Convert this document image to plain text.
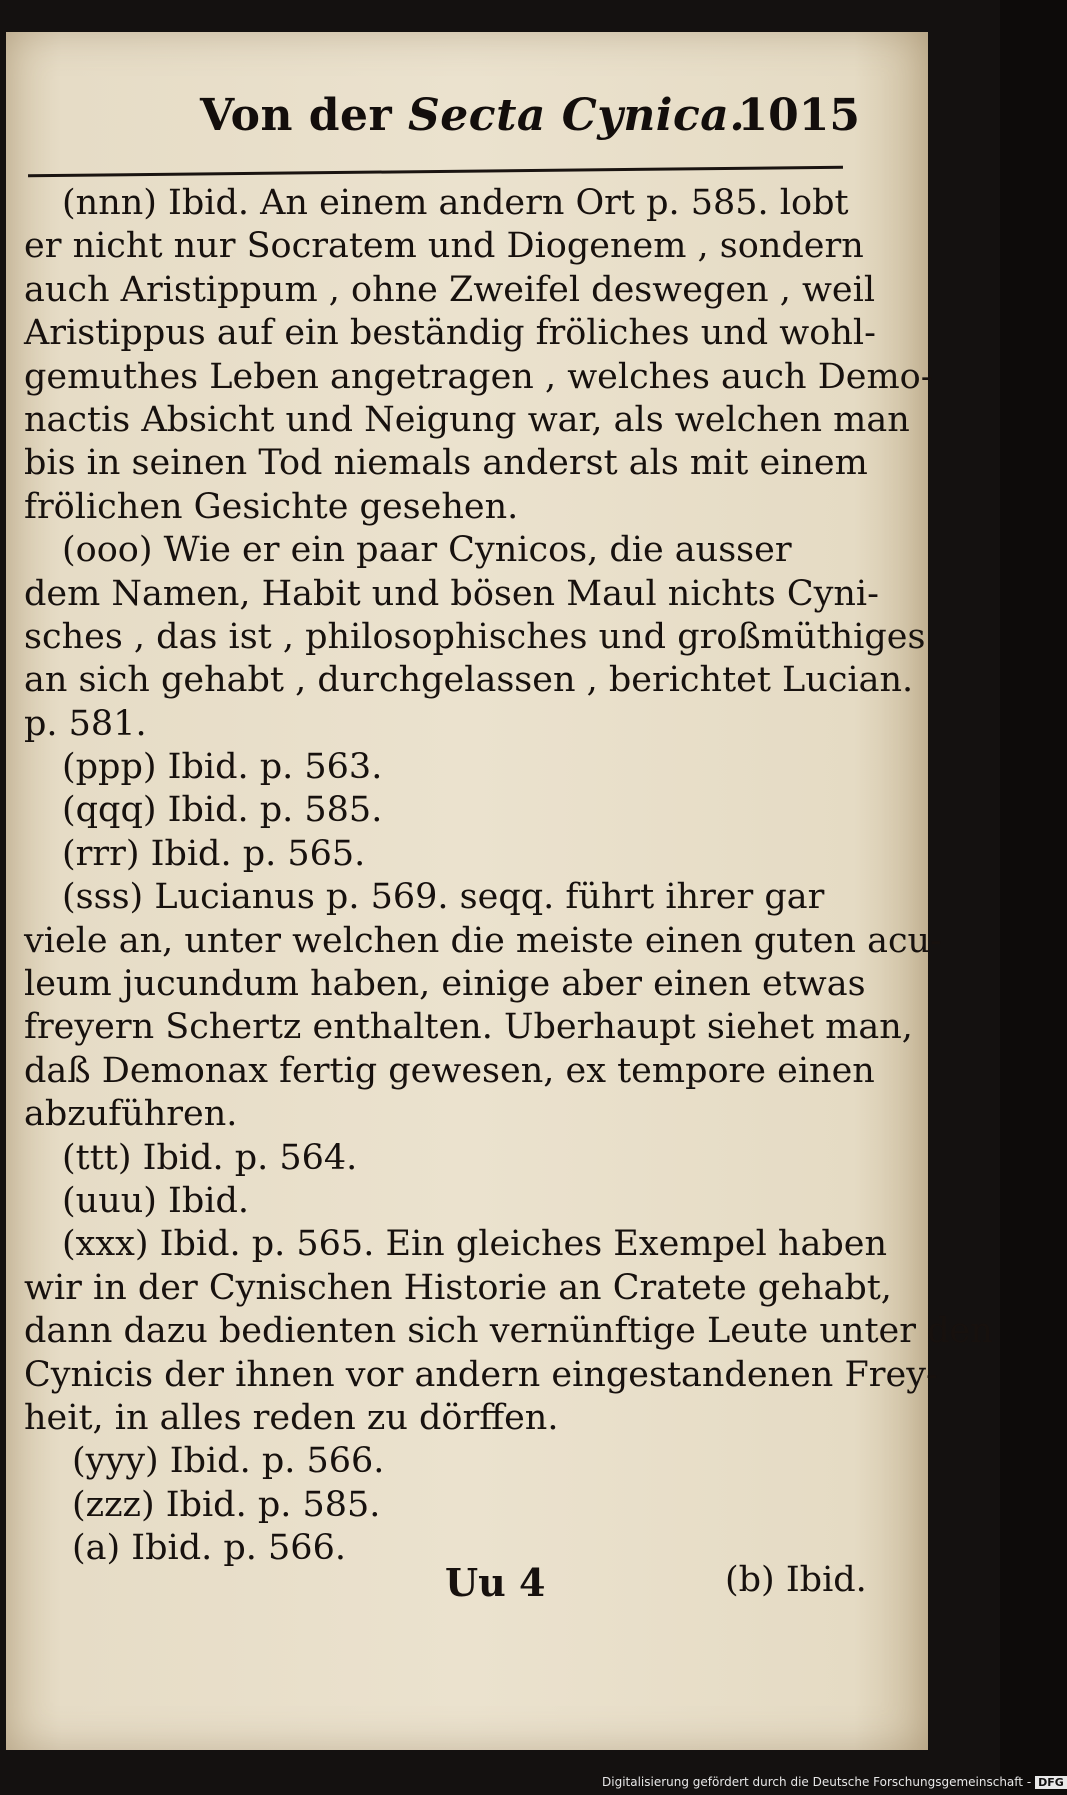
Von der Secta Cynica.
1015
(nnn) Ibid. An einem andern Ort p. 585. lobt
er nicht nur Socratem und Diogenem , sondern
auch Aristippum , ohne Zweifel deswegen , weil
Aristippus auf ein beständig fröliches und wohl-
gemuthes Leben angetragen , welches auch Demo-
nactis Absicht und Neigung war, als welchen man
bis in seinen Tod niemals anderst als mit einem
frölichen Gesichte gesehen.
(ooo) Wie er ein paar Cynicos, die ausser
dem Namen, Habit und bösen Maul nichts Cyni-
sches , das ist , philosophisches und großmüthiges
an sich gehabt , durchgelassen , berichtet Lucian.
p. 581.
(ppp) Ibid. p. 563.
(qqq) Ibid. p. 585.
(rrr) Ibid. p. 565.
(sss) Lucianus p. 569. seqq. führt ihrer gar
viele an, unter welchen die meiste einen guten acu-
leum jucundum haben, einige aber einen etwas
freyern Schertz enthalten. Uberhaupt siehet man,
daß Demonax fertig gewesen, ex tempore einen
abzuführen.
(ttt) Ibid. p. 564.
(uuu) Ibid.
(xxx) Ibid. p. 565. Ein gleiches Exempel haben
wir in der Cynischen Historie an Cratete gehabt,
dann dazu bedienten sich vernünftige Leute unter den
Cynicis der ihnen vor andern eingestandenen Frey-
heit, in alles reden zu dörffen.
(yyy) Ibid. p. 566.
(zzz) Ibid. p. 585.
(a) Ibid. p. 566.
Uu 4	(b) Ibid.
Digitalisierung gefördert durch die Deutsche Forschungsgemeinschaft - DFG
